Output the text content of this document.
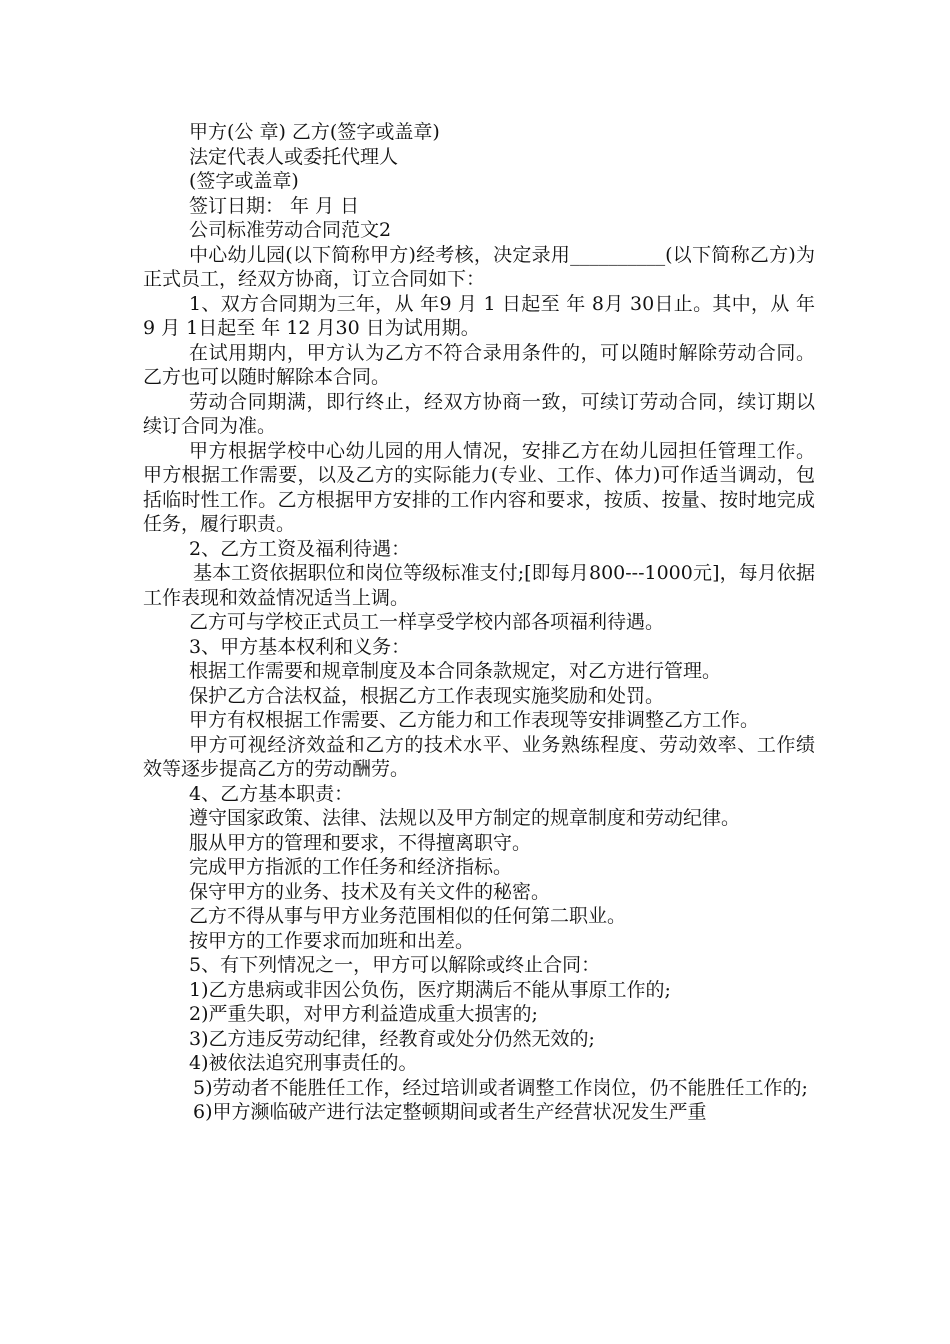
甲方(公 章) 乙方(签字或盖章)

法定代表人或委托代理人

(签字或盖章)

签订日期： 年 月 日

公司标准劳动合同范文2

中心幼儿园(以下简称甲方)经考核，决定录用__________(以下简称乙方)为正式员工，经双方协商，订立合同如下：

1、双方合同期为三年，从 年9 月 1 日起至 年 8月 30日止。其中，从 年9 月 1日起至 年 12 月30 日为试用期。

在试用期内，甲方认为乙方不符合录用条件的，可以随时解除劳动合同。乙方也可以随时解除本合同。

劳动合同期满，即行终止，经双方协商一致，可续订劳动合同，续订期以续订合同为准。

甲方根据学校中心幼儿园的用人情况，安排乙方在幼儿园担任管理工作。甲方根据工作需要，以及乙方的实际能力(专业、工作、体力)可作适当调动，包括临时性工作。乙方根据甲方安排的工作内容和要求，按质、按量、按时地完成任务，履行职责。

2、乙方工资及福利待遇：

基本工资依据职位和岗位等级标准支付;[即每月800---1000元]，每月依据工作表现和效益情况适当上调。

乙方可与学校正式员工一样享受学校内部各项福利待遇。

3、甲方基本权利和义务：

根据工作需要和规章制度及本合同条款规定，对乙方进行管理。

保护乙方合法权益，根据乙方工作表现实施奖励和处罚。

甲方有权根据工作需要、乙方能力和工作表现等安排调整乙方工作。

甲方可视经济效益和乙方的技术水平、业务熟练程度、劳动效率、工作绩效等逐步提高乙方的劳动酬劳。

4、乙方基本职责：

遵守国家政策、法律、法规以及甲方制定的规章制度和劳动纪律。

服从甲方的管理和要求，不得擅离职守。

完成甲方指派的工作任务和经济指标。

保守甲方的业务、技术及有关文件的秘密。

乙方不得从事与甲方业务范围相似的任何第二职业。

按甲方的工作要求而加班和出差。

5、有下列情况之一，甲方可以解除或终止合同：

1)乙方患病或非因公负伤，医疗期满后不能从事原工作的;

2)严重失职，对甲方利益造成重大损害的;

3)乙方违反劳动纪律，经教育或处分仍然无效的;

4)被依法追究刑事责任的。

5)劳动者不能胜任工作，经过培训或者调整工作岗位，仍不能胜任工作的;

6)甲方濒临破产进行法定整顿期间或者生产经营状况发生严重
